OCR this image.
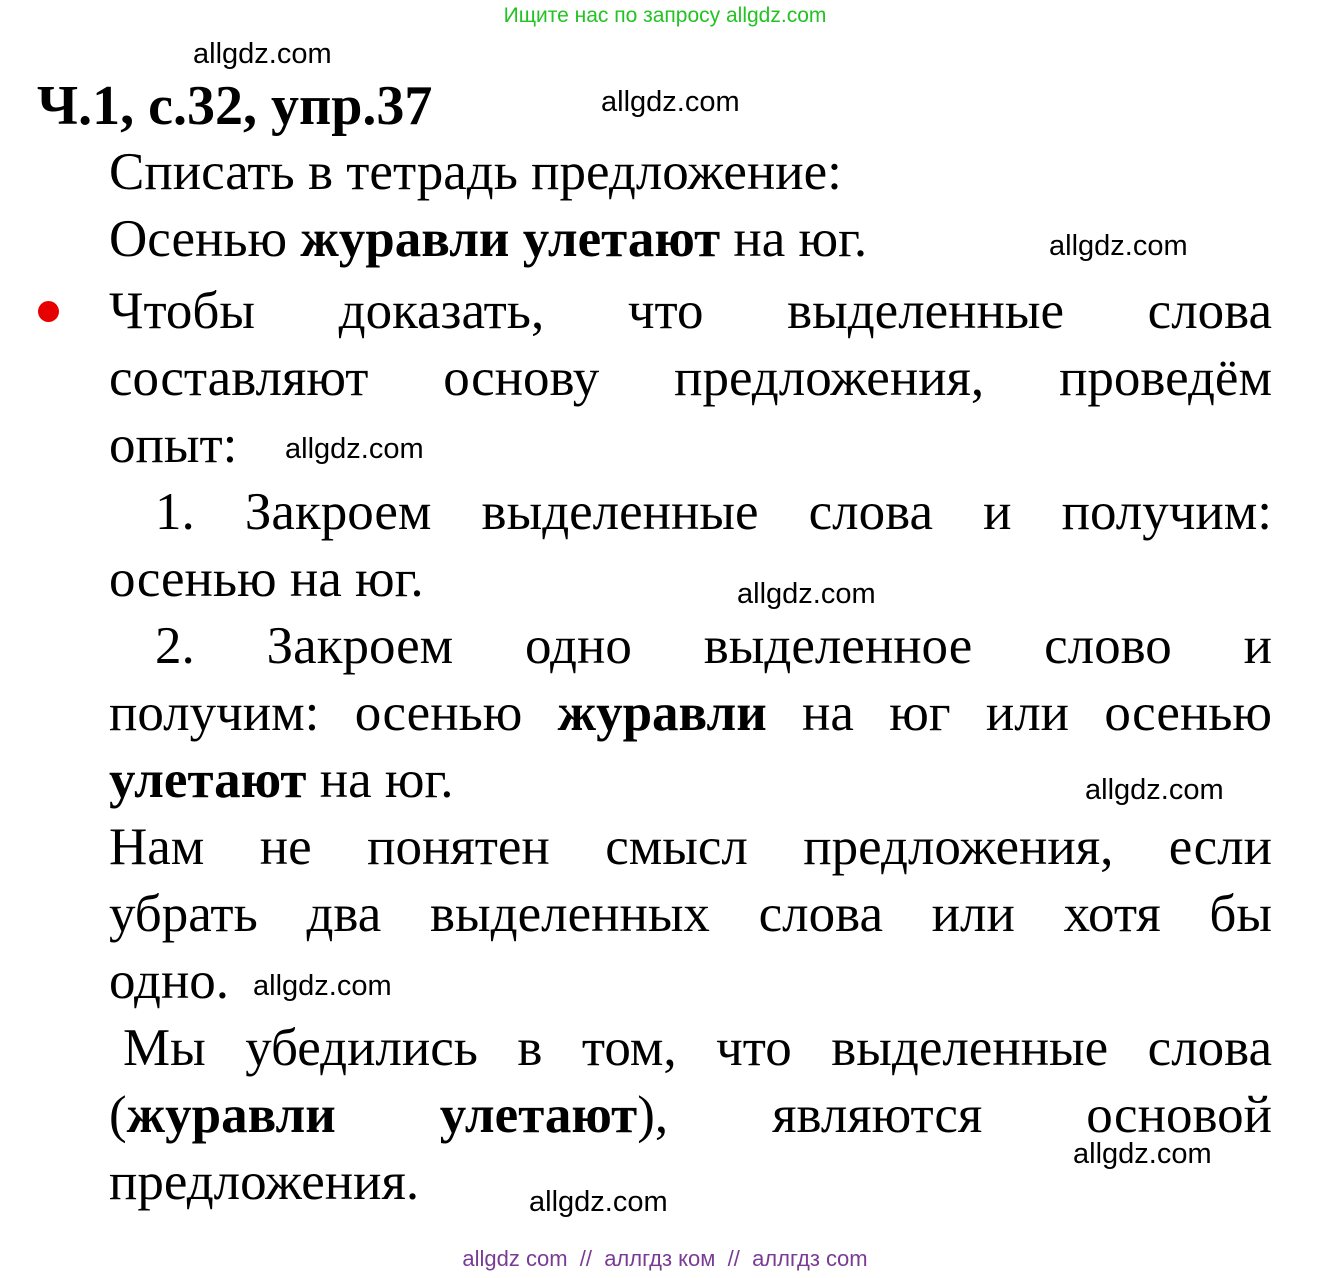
Ищите нас по запросу allgdz.com
allgdz.com
allgdz.com
allgdz.com
allgdz.com
allgdz.com
allgdz.com
allgdz.com
allgdz.com
allgdz.com
Ч.1, с.32, упр.37
Списать в тетрадь предложение:
Осенью журавли улетают на юг.
Чтобы доказать, что выделенные слова
составляют основу предложения, проведём
опыт:
1. Закроем выделенные слова и получим:
осенью на юг.
2. Закроем одно выделенное слово и
получим: осенью журавли на юг или осенью
улетают на юг.
Нам не понятен смысл предложения, если
убрать два выделенных слова или хотя бы
одно.
Мы убедились в том, что выделенные слова
(журавли улетают), являются основой
предложения.
allgdz com  //  аллгдз ком  //  аллгдз com
